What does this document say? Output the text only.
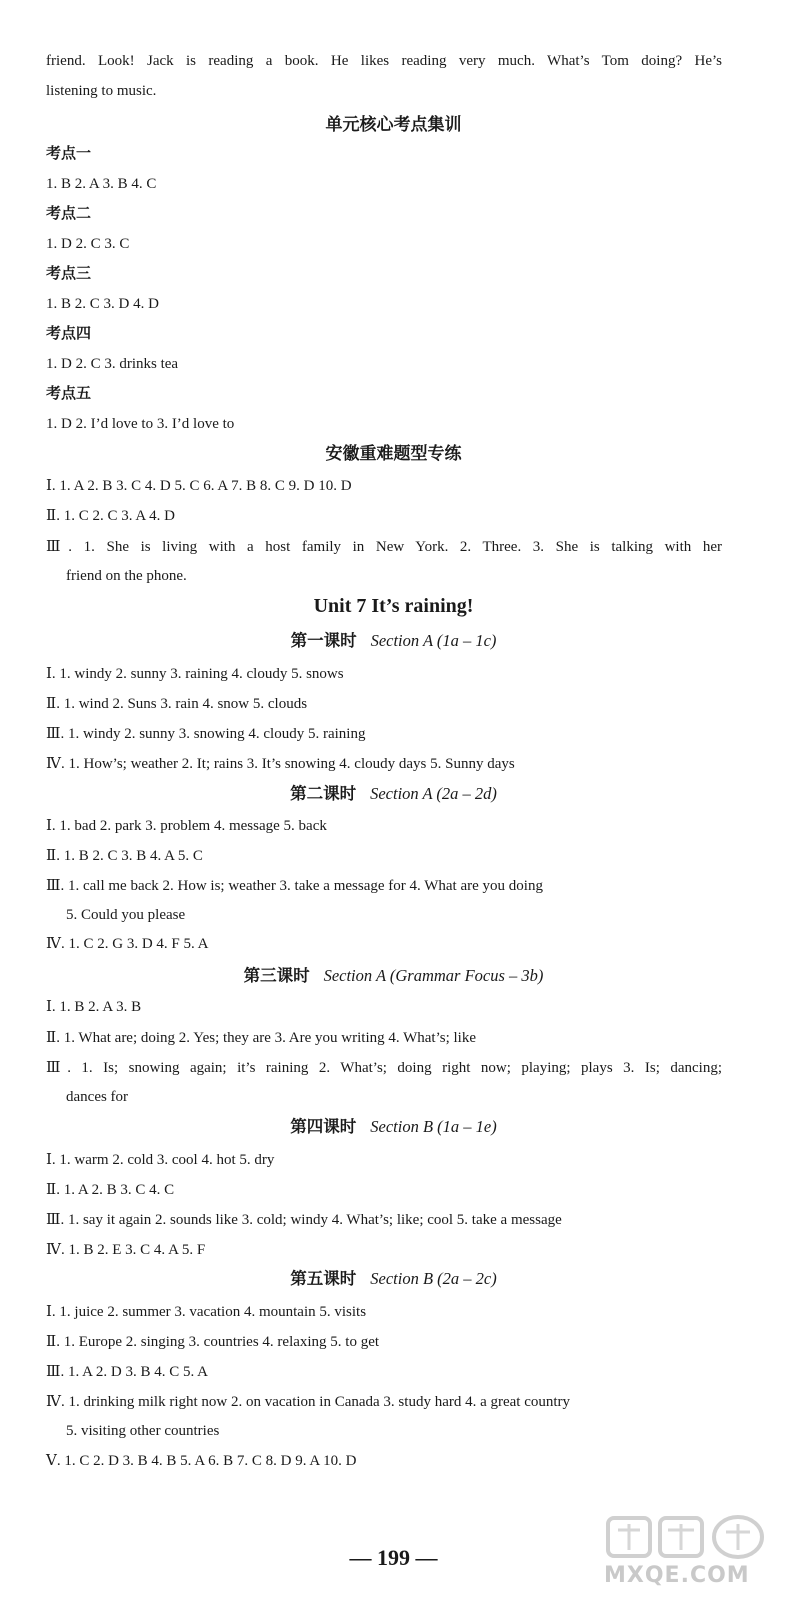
friend. Look! Jack is reading a book. He likes reading very much. What’s Tom doing? He’s
listening to music.
单元核心考点集训
考点一
1. B 2. A 3. B 4. C
考点二
1. D 2. C 3. C
考点三
1. B 2. C 3. D 4. D
考点四
1. D 2. C 3. drinks tea
考点五
1. D 2. I’d love to 3. I’d love to
安徽重难题型专练
Ⅰ. 1. A 2. B 3. C 4. D 5. C 6. A 7. B 8. C 9. D 10. D
Ⅱ. 1. C 2. C 3. A 4. D
Ⅲ. 1. She is living with a host family in New York. 2. Three. 3. She is talking with her
friend on the phone.
Unit 7 It’s raining!
第一课时 Section A (1a – 1c)
Ⅰ. 1. windy 2. sunny 3. raining 4. cloudy 5. snows
Ⅱ. 1. wind 2. Suns 3. rain 4. snow 5. clouds
Ⅲ. 1. windy 2. sunny 3. snowing 4. cloudy 5. raining
Ⅳ. 1. How’s; weather 2. It; rains 3. It’s snowing 4. cloudy days 5. Sunny days
第二课时 Section A (2a – 2d)
Ⅰ. 1. bad 2. park 3. problem 4. message 5. back
Ⅱ. 1. B 2. C 3. B 4. A 5. C
Ⅲ. 1. call me back 2. How is; weather 3. take a message for 4. What are you doing
5. Could you please
Ⅳ. 1. C 2. G 3. D 4. F 5. A
第三课时 Section A (Grammar Focus – 3b)
Ⅰ. 1. B 2. A 3. B
Ⅱ. 1. What are; doing 2. Yes; they are 3. Are you writing 4. What’s; like
Ⅲ. 1. Is; snowing again; it’s raining 2. What’s; doing right now; playing; plays 3. Is; dancing;
dances for
第四课时 Section B (1a – 1e)
Ⅰ. 1. warm 2. cold 3. cool 4. hot 5. dry
Ⅱ. 1. A 2. B 3. C 4. C
Ⅲ. 1. say it again 2. sounds like 3. cold; windy 4. What’s; like; cool 5. take a message
Ⅳ. 1. B 2. E 3. C 4. A 5. F
第五课时 Section B (2a – 2c)
Ⅰ. 1. juice 2. summer 3. vacation 4. mountain 5. visits
Ⅱ. 1. Europe 2. singing 3. countries 4. relaxing 5. to get
Ⅲ. 1. A 2. D 3. B 4. C 5. A
Ⅳ. 1. drinking milk right now 2. on vacation in Canada 3. study hard 4. a great country
5. visiting other countries
Ⅴ. 1. C 2. D 3. B 4. B 5. A 6. B 7. C 8. D 9. A 10. D
— 199 —
MXQE.COM
